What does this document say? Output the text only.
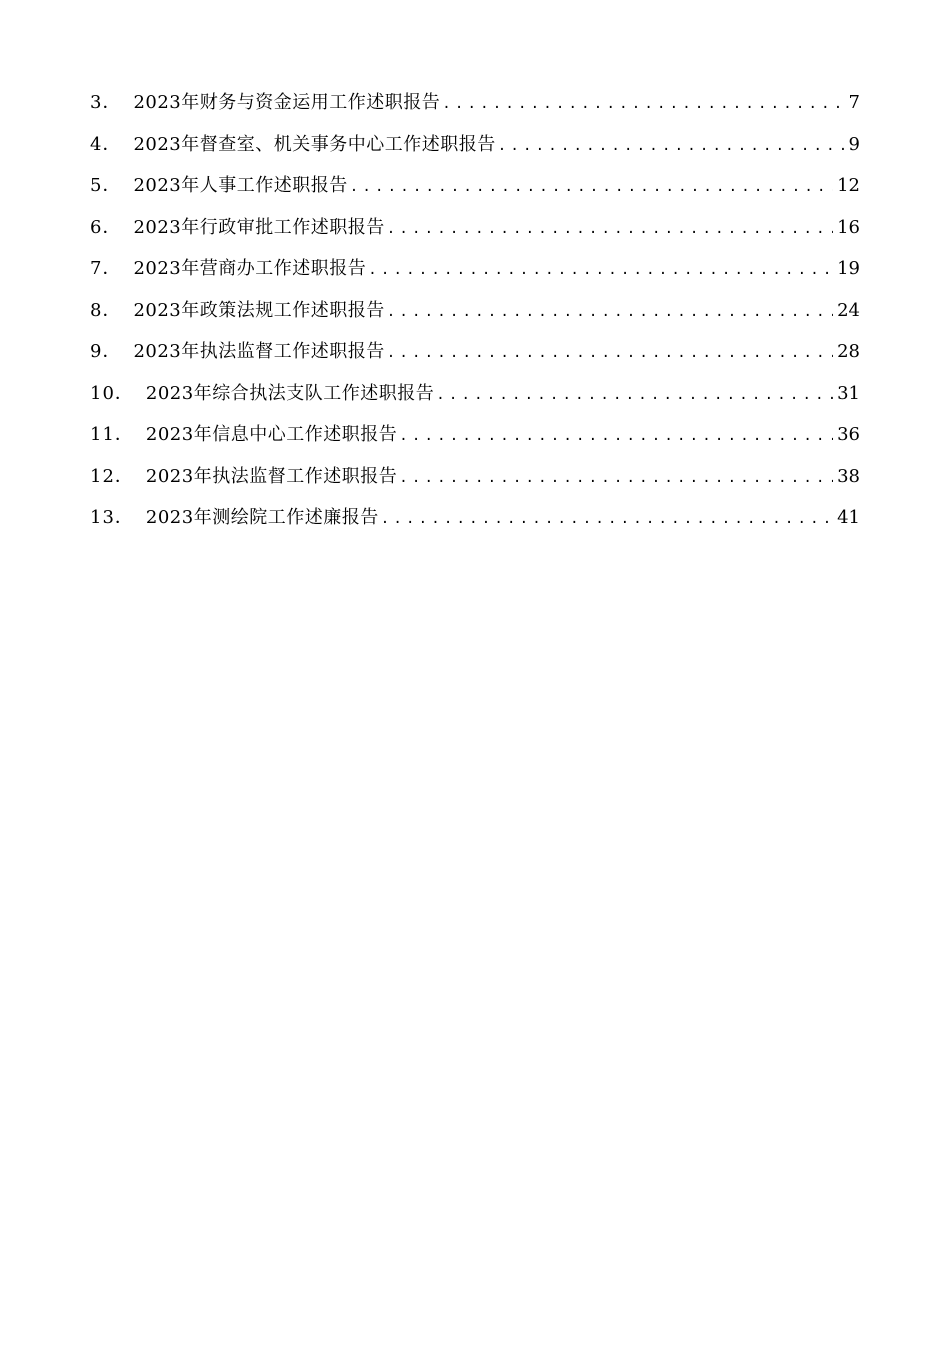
3． 2023年财务与资金运用工作述职报告 .....	7
4． 2023年督查室、机关事务中心工作述职报告 .....	9
5． 2023年人事工作述职报告 .....	12
6． 2023年行政审批工作述职报告 .....	16
7． 2023年营商办工作述职报告 .....	19
8． 2023年政策法规工作述职报告 .....	24
9． 2023年执法监督工作述职报告 .....	28
10． 2023年综合执法支队工作述职报告 .....	31
11． 2023年信息中心工作述职报告 .....	36
12． 2023年执法监督工作述职报告 .....	38
13． 2023年测绘院工作述廉报告 .....	41
